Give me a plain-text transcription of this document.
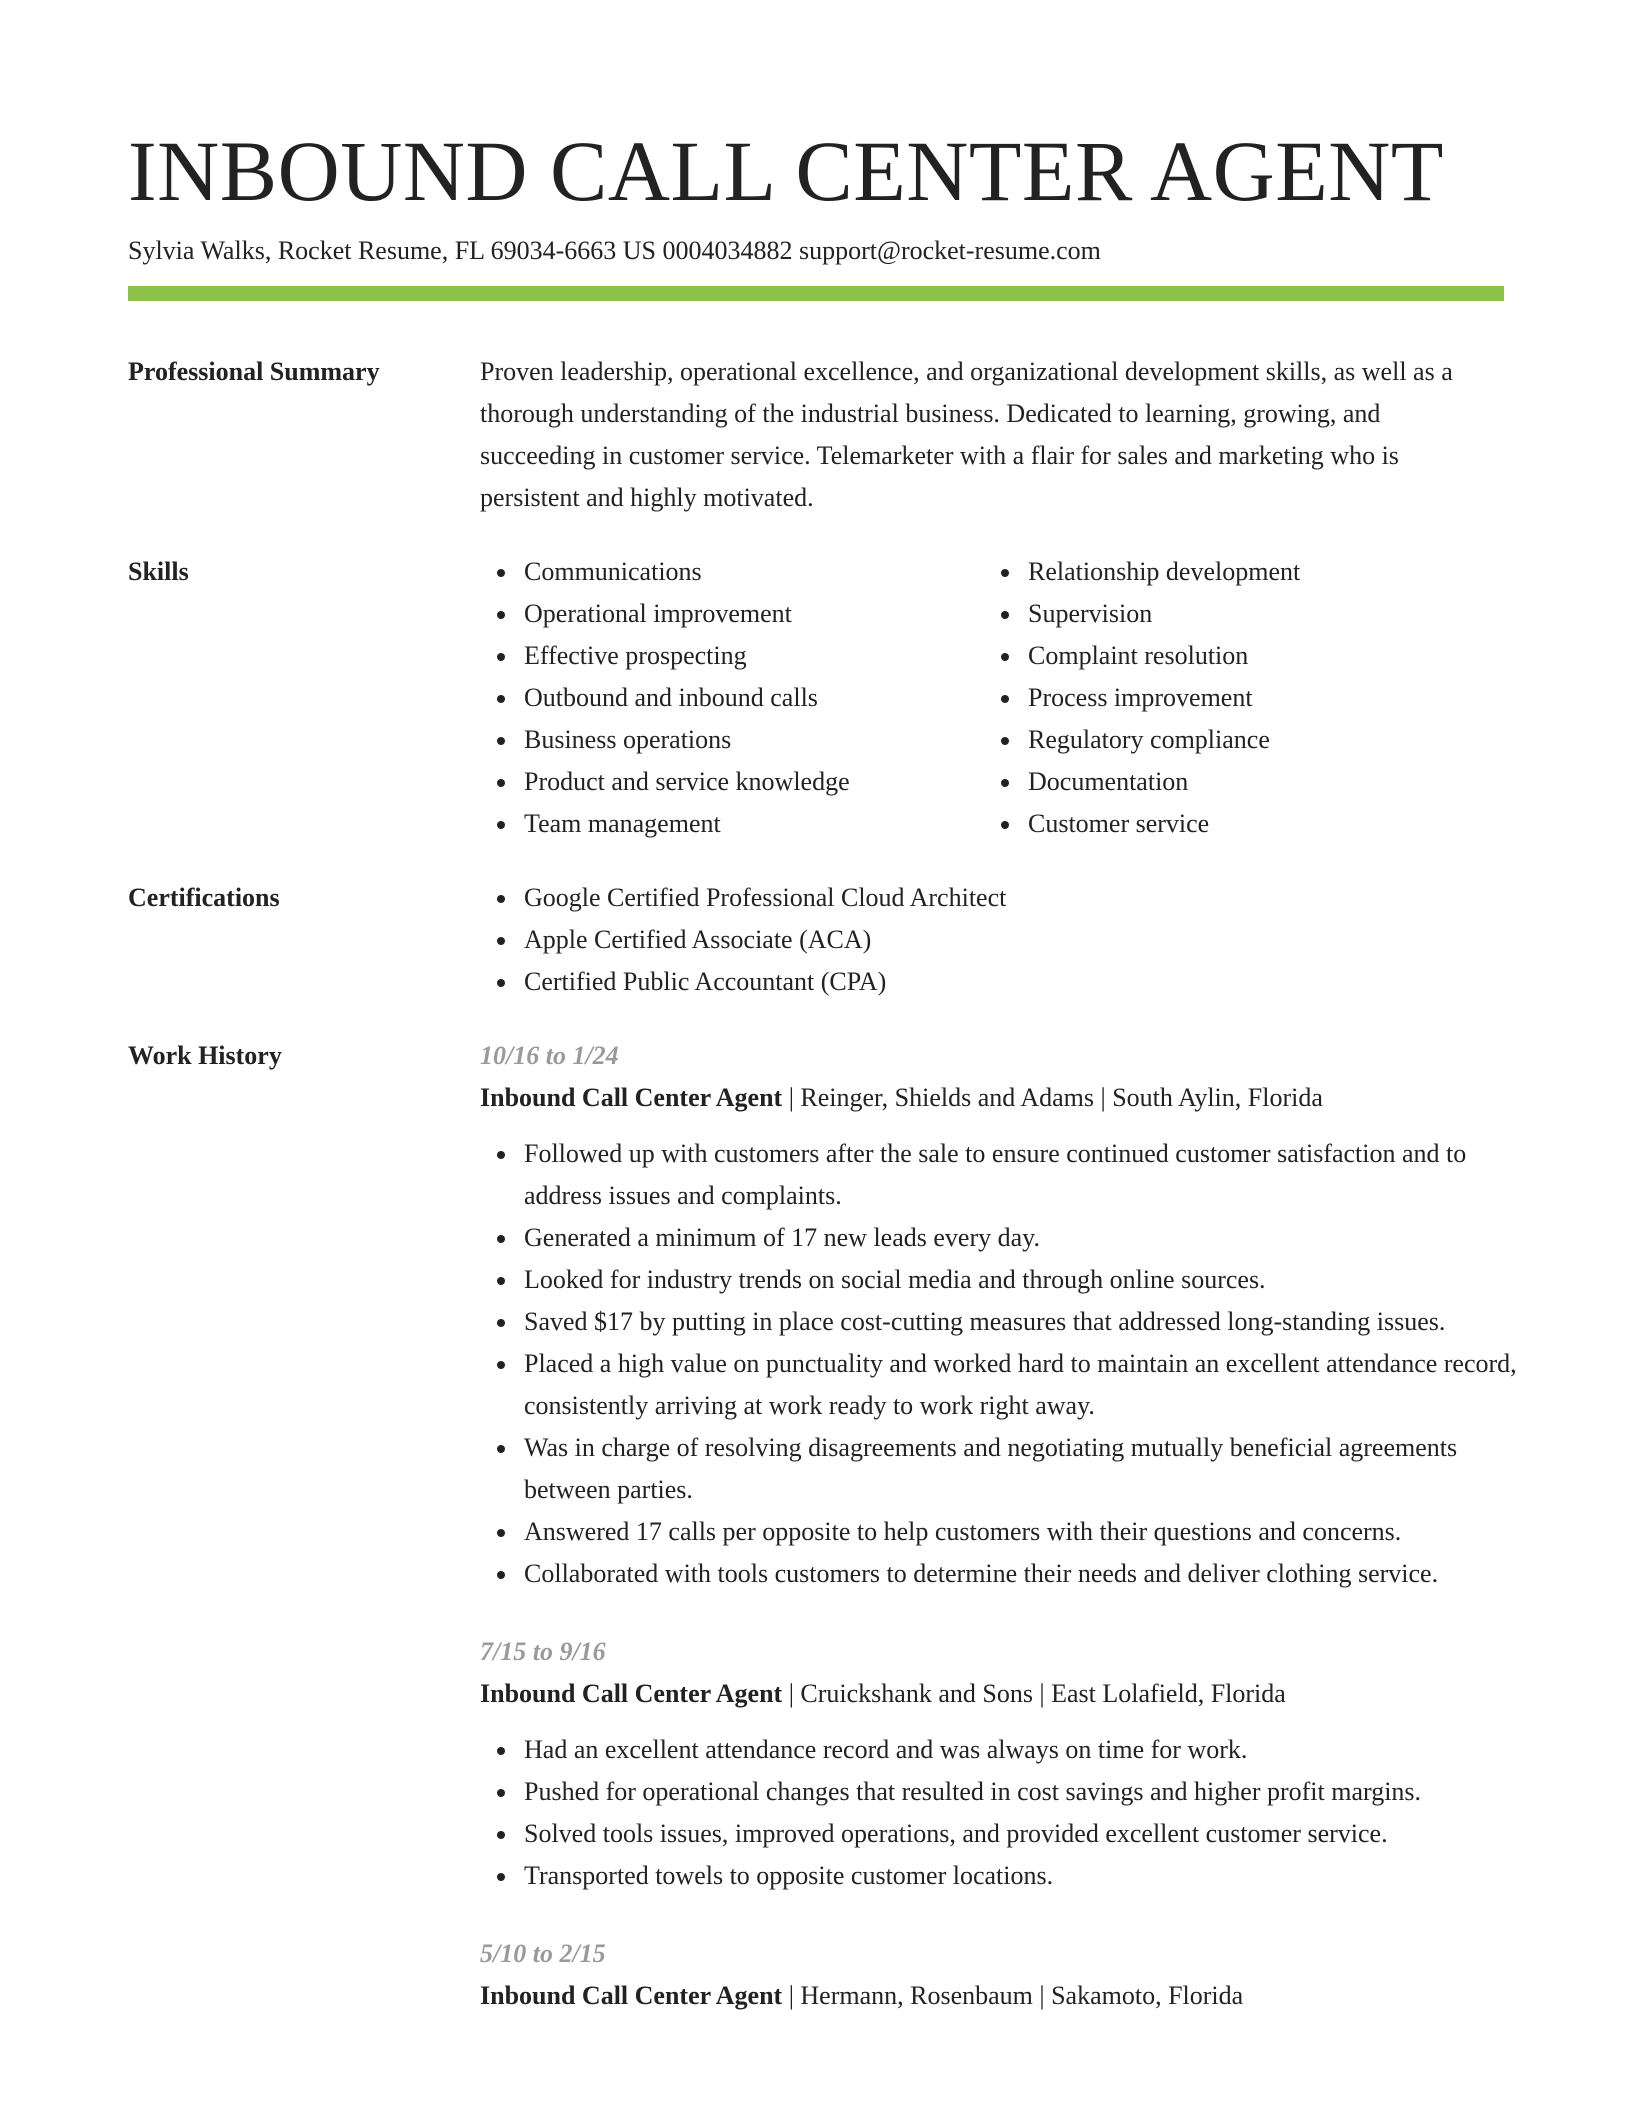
INBOUND CALL CENTER AGENT
Sylvia Walks, Rocket Resume, FL 69034-6663 US 0004034882 support@rocket-resume.com
Professional Summary	Proven leadership, operational excellence, and organizational development skills, as well as a thorough understanding of the industrial business. Dedicated to learning, growing, and succeeding in customer service. Telemarketer with a flair for sales and marketing who is persistent and highly motivated.

Skills	Communications
Operational improvement
Effective prospecting
Outbound and inbound calls
Business operations
Product and service knowledge
Team management
Relationship development
Supervision
Complaint resolution
Process improvement
Regulatory compliance
Documentation
Customer service
Certifications	Google Certified Professional Cloud Architect
Apple Certified Associate (ACA)
Certified Public Accountant (CPA)
Work History	10/16 to 1/24
Inbound Call Center Agent | Reinger, Shields and Adams | South Aylin, Florida
Followed up with customers after the sale to ensure continued customer satisfaction and to address issues and complaints.
Generated a minimum of 17 new leads every day.
Looked for industry trends on social media and through online sources.
Saved $17 by putting in place cost-cutting measures that addressed long-standing issues.
Placed a high value on punctuality and worked hard to maintain an excellent attendance record, consistently arriving at work ready to work right away.
Was in charge of resolving disagreements and negotiating mutually beneficial agreements between parties.
Answered 17 calls per opposite to help customers with their questions and concerns.
Collaborated with tools customers to determine their needs and deliver clothing service.
7/15 to 9/16
Inbound Call Center Agent | Cruickshank and Sons | East Lolafield, Florida
Had an excellent attendance record and was always on time for work.
Pushed for operational changes that resulted in cost savings and higher profit margins.
Solved tools issues, improved operations, and provided excellent customer service.
Transported towels to opposite customer locations.
5/10 to 2/15
Inbound Call Center Agent | Hermann, Rosenbaum | Sakamoto, Florida
